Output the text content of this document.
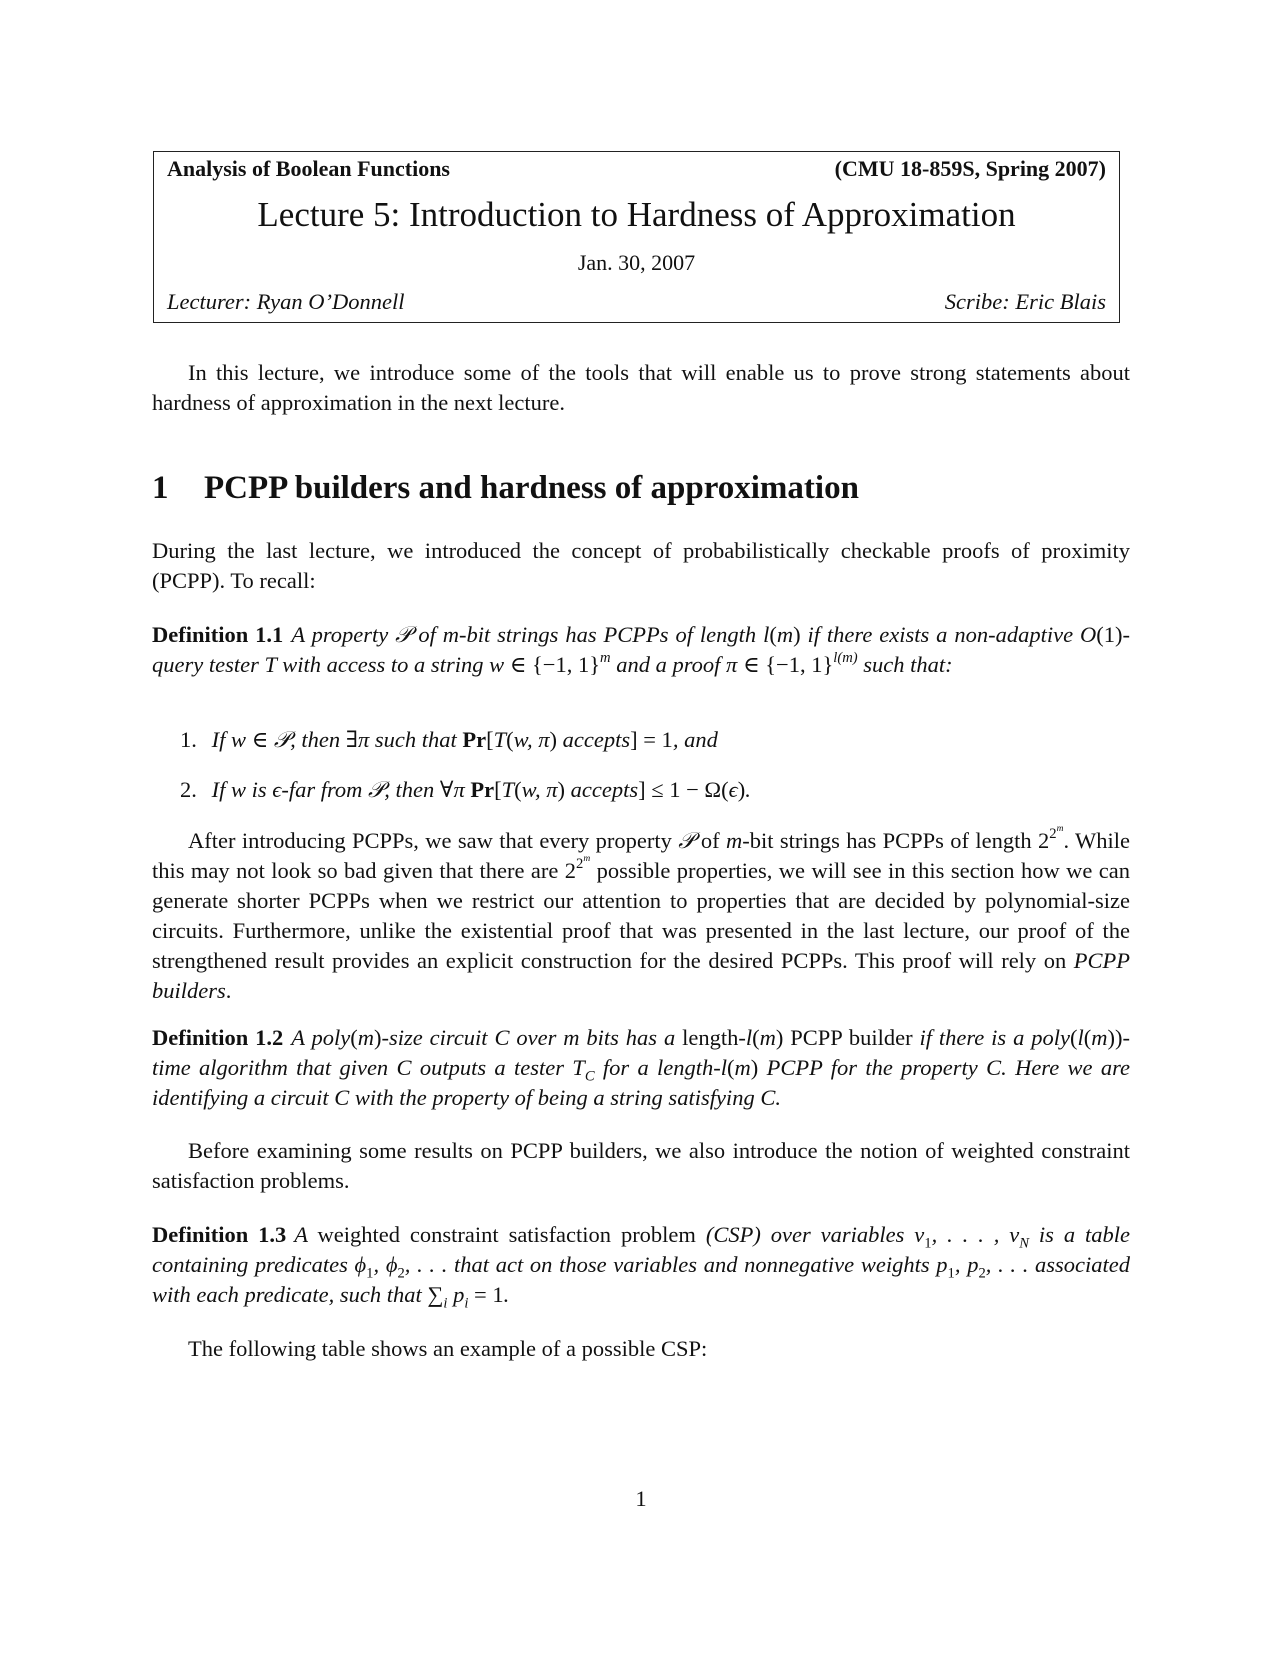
Analysis of Boolean Functions	(CMU 18-859S, Spring 2007)
Lecture 5: Introduction to Hardness of Approximation
Jan. 30, 2007
Lecturer: Ryan O’Donnell	Scribe: Eric Blais
In this lecture, we introduce some of the tools that will enable us to prove strong statements about hardness of approximation in the next lecture.
1 PCPP builders and hardness of approximation
During the last lecture, we introduced the concept of probabilistically checkable proofs of proximity (PCPP). To recall:
Definition 1.1 A property 𝒫 of m-bit strings has PCPPs of length l(m) if there exists a non-adaptive O(1)-query tester T with access to a string w ∈ {−1, 1}$^m$ and a proof π ∈ {−1, 1}$^{l(m)}$ such that:
1. If w ∈ 𝒫, then ∃π such that Pr[T(w, π) accepts] = 1, and
2. If w is ϵ-far from 𝒫, then ∀π Pr[T(w, π) accepts] ≤ 1 − Ω(ϵ).
After introducing PCPPs, we saw that every property 𝒫 of m-bit strings has PCPPs of length $2^{2^m}$. While this may not look so bad given that there are $2^{2^m}$ possible properties, we will see in this section how we can generate shorter PCPPs when we restrict our attention to properties that are decided by polynomial-size circuits. Furthermore, unlike the existential proof that was presented in the last lecture, our proof of the strengthened result provides an explicit construction for the desired PCPPs. This proof will rely on PCPP builders.
Definition 1.2 A poly(m)-size circuit C over m bits has a length-l(m) PCPP builder if there is a poly(l(m))-time algorithm that given C outputs a tester $T_C$ for a length-l(m) PCPP for the property C. Here we are identifying a circuit C with the property of being a string satisfying C.
Before examining some results on PCPP builders, we also introduce the notion of weighted constraint satisfaction problems.
Definition 1.3 A weighted constraint satisfaction problem (CSP) over variables $v_1$, . . . , $v_N$ is a table containing predicates $\phi_1$, $\phi_2$, . . . that act on those variables and nonnegative weights $p_1$, $p_2$, . . . associated with each predicate, such that $\sum_i$ $p_i = 1$.
The following table shows an example of a possible CSP:
1
